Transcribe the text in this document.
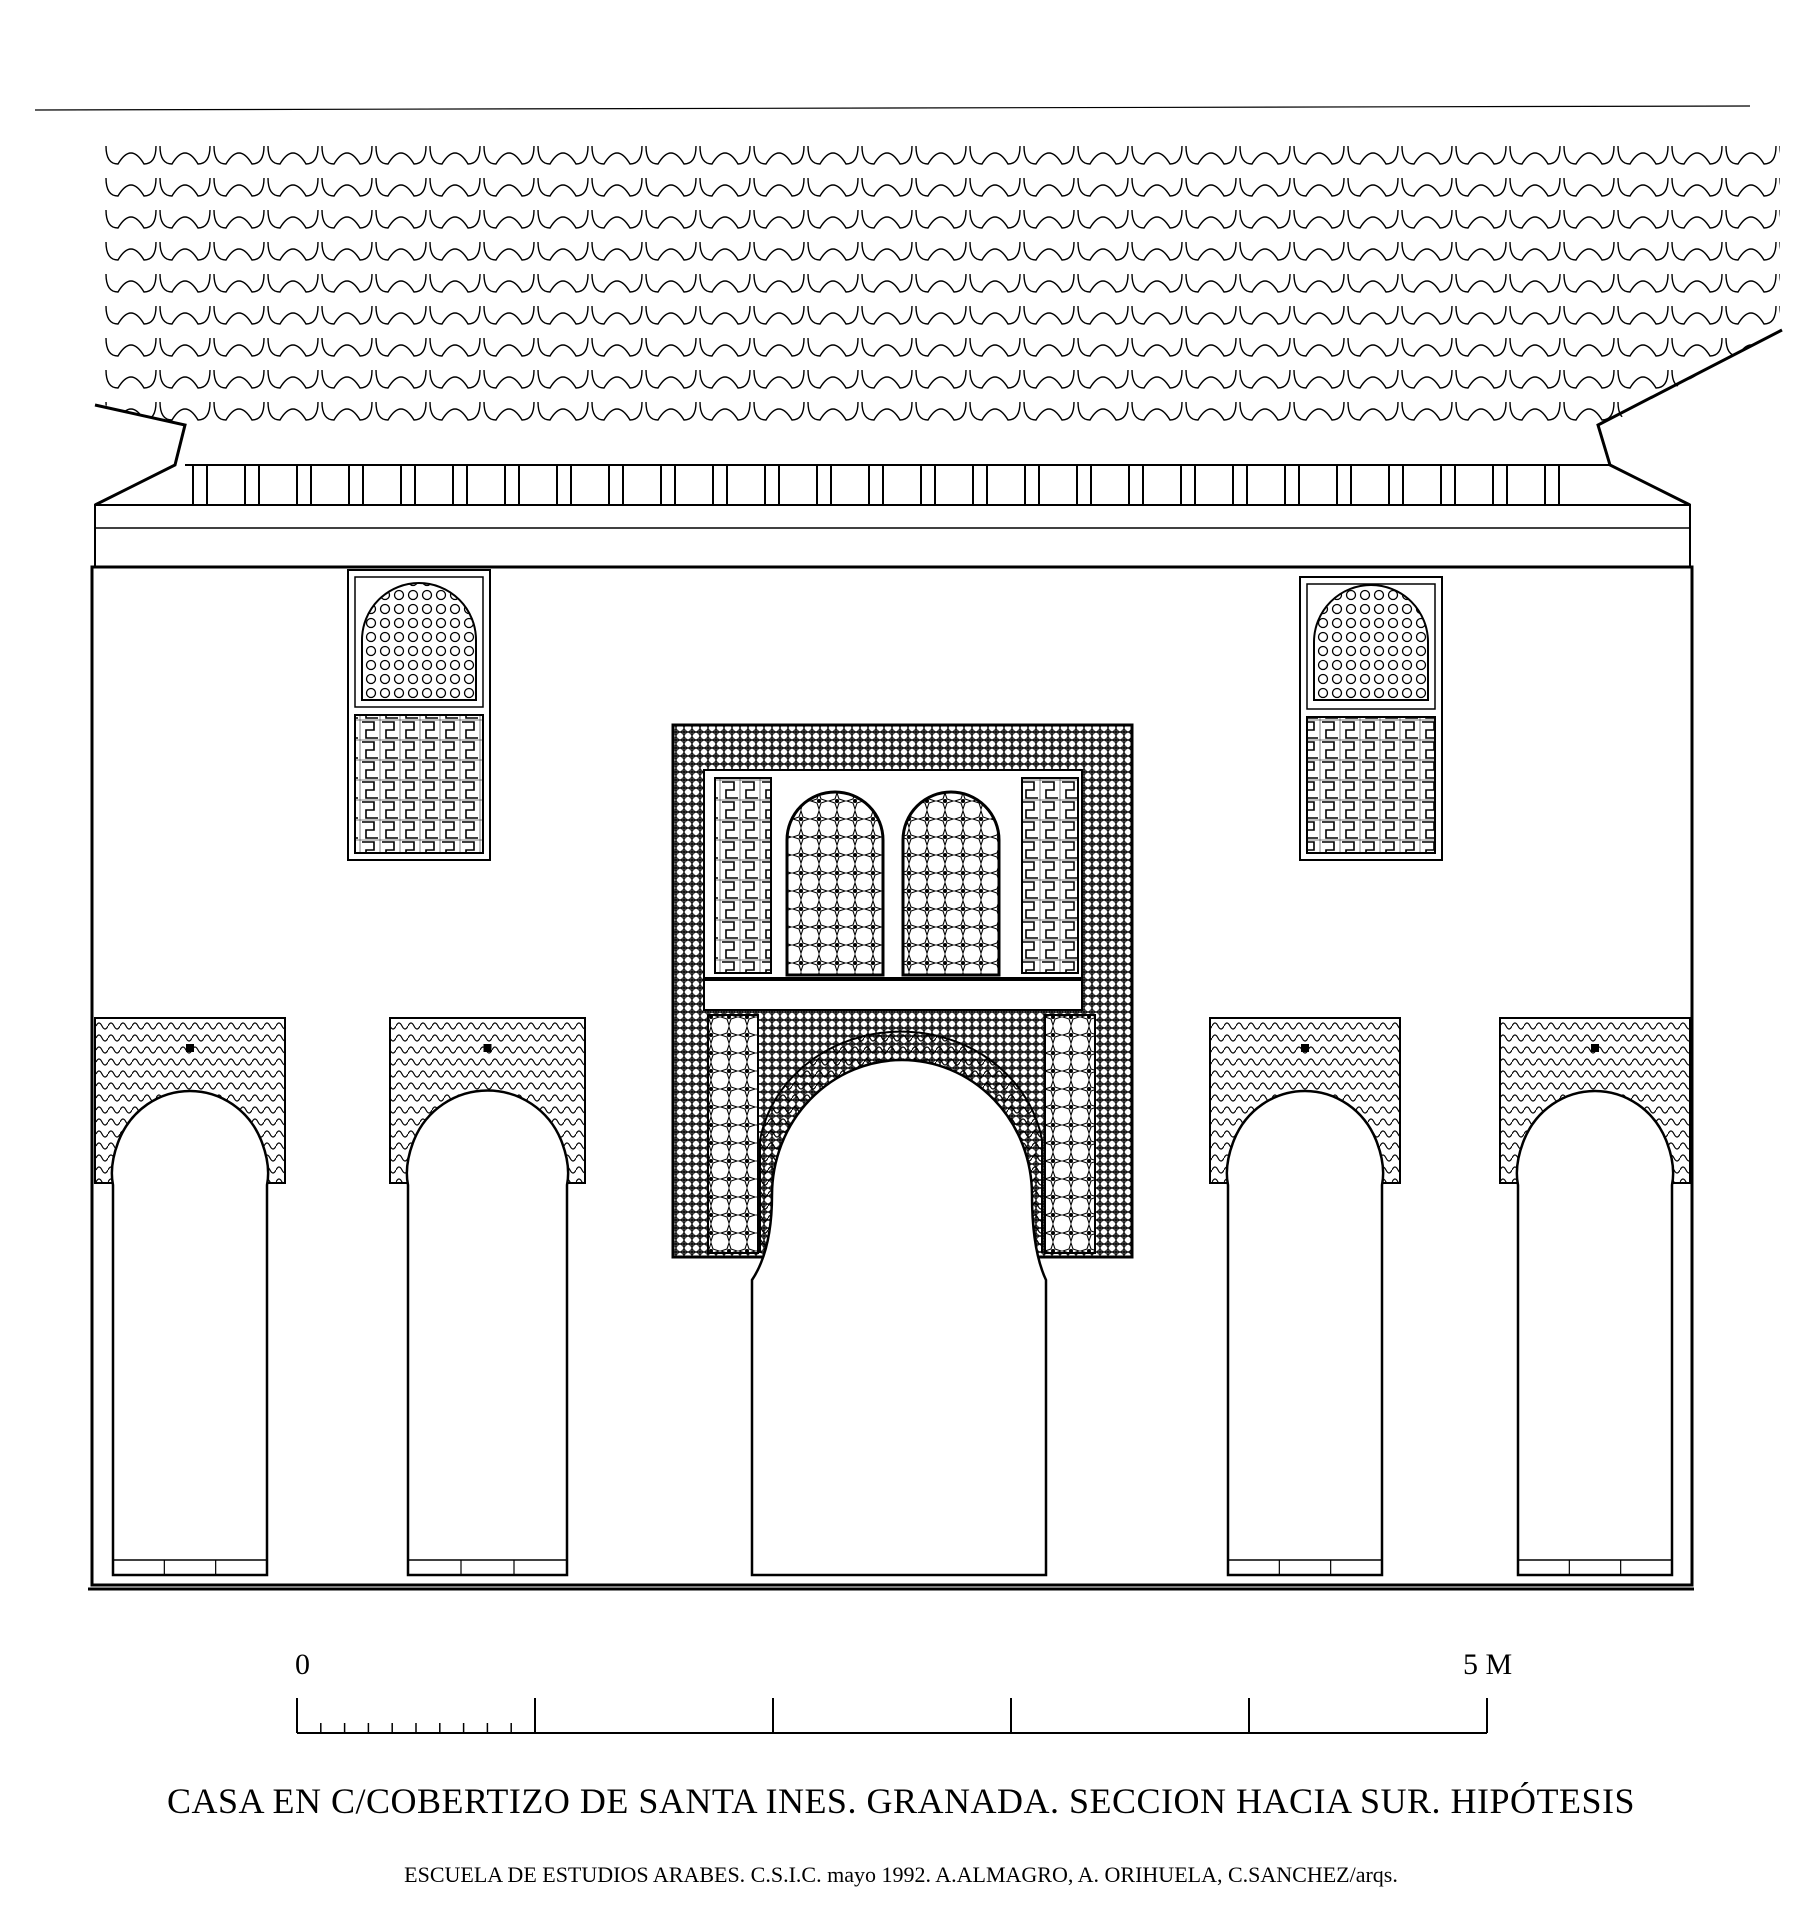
0	5 M
CASA EN C/COBERTIZO DE SANTA INES. GRANADA. SECCION HACIA SUR. HIPÓTESIS
ESCUELA DE ESTUDIOS ARABES. C.S.I.C. mayo 1992. A.ALMAGRO, A. ORIHUELA, C.SANCHEZ/arqs.
